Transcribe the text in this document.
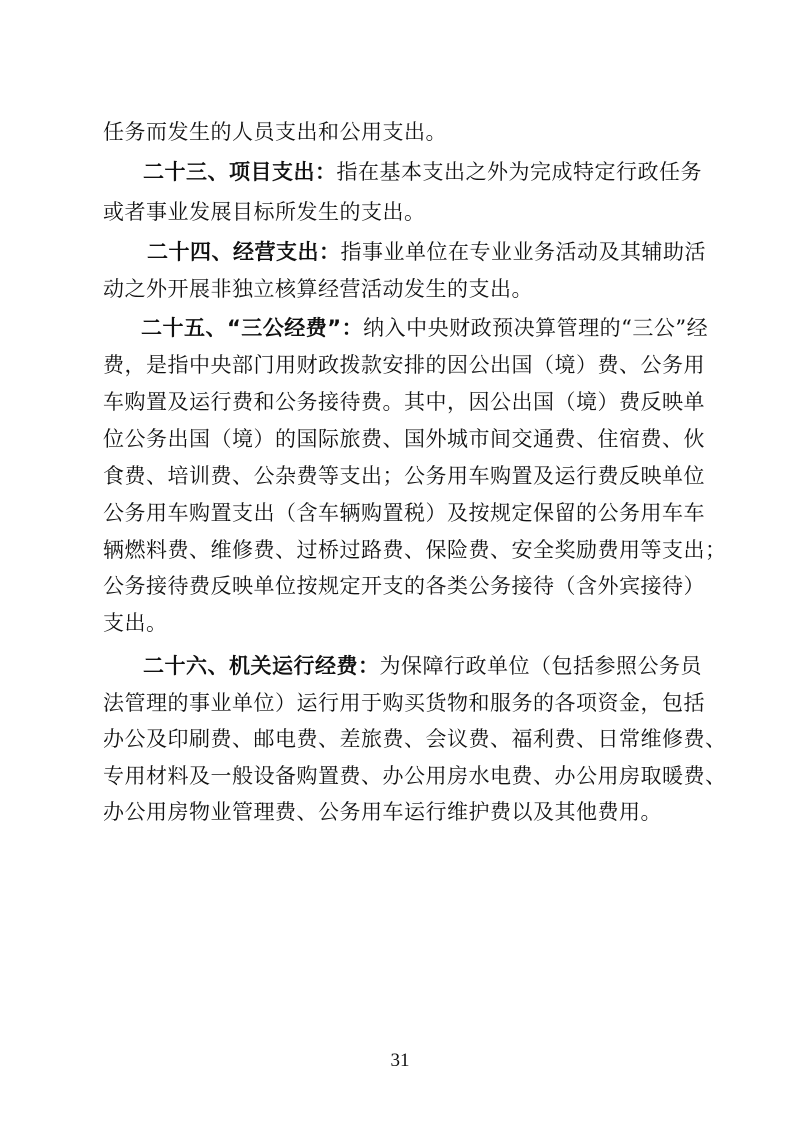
任务而发生的人员支出和公用支出。
二十三、项目支出：指在基本支出之外为完成特定行政任务
或者事业发展目标所发生的支出。
二十四、经营支出：指事业单位在专业业务活动及其辅助活
动之外开展非独立核算经营活动发生的支出。
二十五、“三公经费”：纳入中央财政预决算管理的“三公”经
费，是指中央部门用财政拨款安排的因公出国（境）费、公务用
车购置及运行费和公务接待费。其中，因公出国（境）费反映单
位公务出国（境）的国际旅费、国外城市间交通费、住宿费、伙
食费、培训费、公杂费等支出；公务用车购置及运行费反映单位
公务用车购置支出（含车辆购置税）及按规定保留的公务用车车
辆燃料费、维修费、过桥过路费、保险费、安全奖励费用等支出；
公务接待费反映单位按规定开支的各类公务接待（含外宾接待）
支出。
二十六、机关运行经费：为保障行政单位（包括参照公务员
法管理的事业单位）运行用于购买货物和服务的各项资金，包括
办公及印刷费、邮电费、差旅费、会议费、福利费、日常维修费、
专用材料及一般设备购置费、办公用房水电费、办公用房取暖费、
办公用房物业管理费、公务用车运行维护费以及其他费用。
31
